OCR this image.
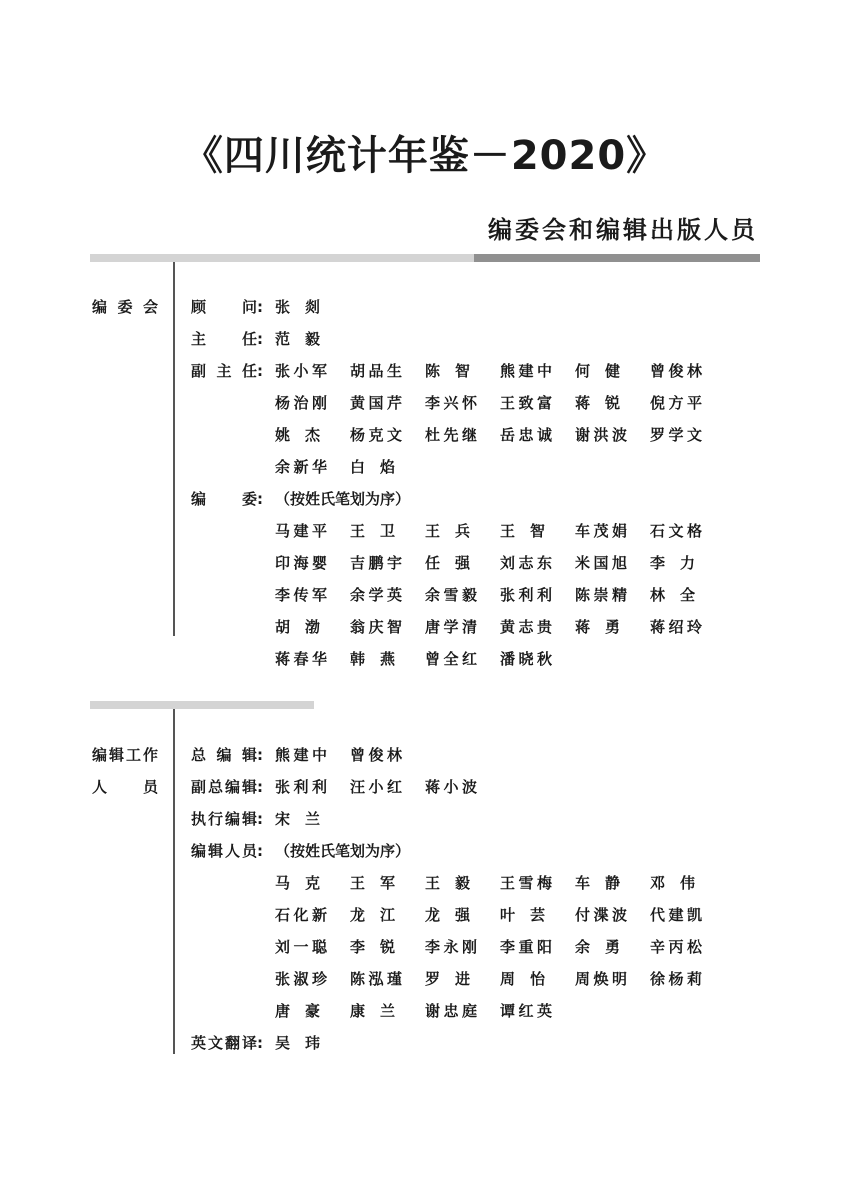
《四川统计年鉴－2020》
编委会和编辑出版人员
编 委 会 顾 问 : 张 剡
主 任 : 范 毅
副 主 任 : 张 小 军 胡 品 生 陈 智 熊 建 中 何 健 曾 俊 林
杨 治 刚 黄 国 芹 李 兴 怀 王 致 富 蒋 锐 倪 方 平
姚 杰 杨 克 文 杜 先 继 岳 忠 诚 谢 洪 波 罗 学 文
余 新 华 白 焰
编 委 : （按姓氏笔划为序）
马 建 平 王 卫 王 兵 王 智 车 茂 娟 石 文 格
印 海 婴 吉 鹏 宇 任 强 刘 志 东 米 国 旭 李 力
李 传 军 余 学 英 余 雪 毅 张 利 利 陈 崇 精 林 全
胡 渤 翁 庆 智 唐 学 清 黄 志 贵 蒋 勇 蒋 绍 玲
蒋 春 华 韩 燕 曾 全 红 潘 晓 秋
编 辑 工 作
人 员
总 编 辑 : 熊 建 中 曾 俊 林
副 总 编 辑 : 张 利 利 汪 小 红 蒋 小 波
执 行 编 辑 : 宋 兰
编 辑 人 员 : （按姓氏笔划为序）
马 克 王 军 王 毅 王 雪 梅 车 静 邓 伟
石 化 新 龙 江 龙 强 叶 芸 付 渫 波 代 建 凯
刘 一 聪 李 锐 李 永 刚 李 重 阳 余 勇 辛 丙 松
张 淑 珍 陈 泓 瑾 罗 进 周 怡 周 焕 明 徐 杨 莉
唐 豪 康 兰 谢 忠 庭 谭 红 英
英 文 翻 译 : 吴 玮
